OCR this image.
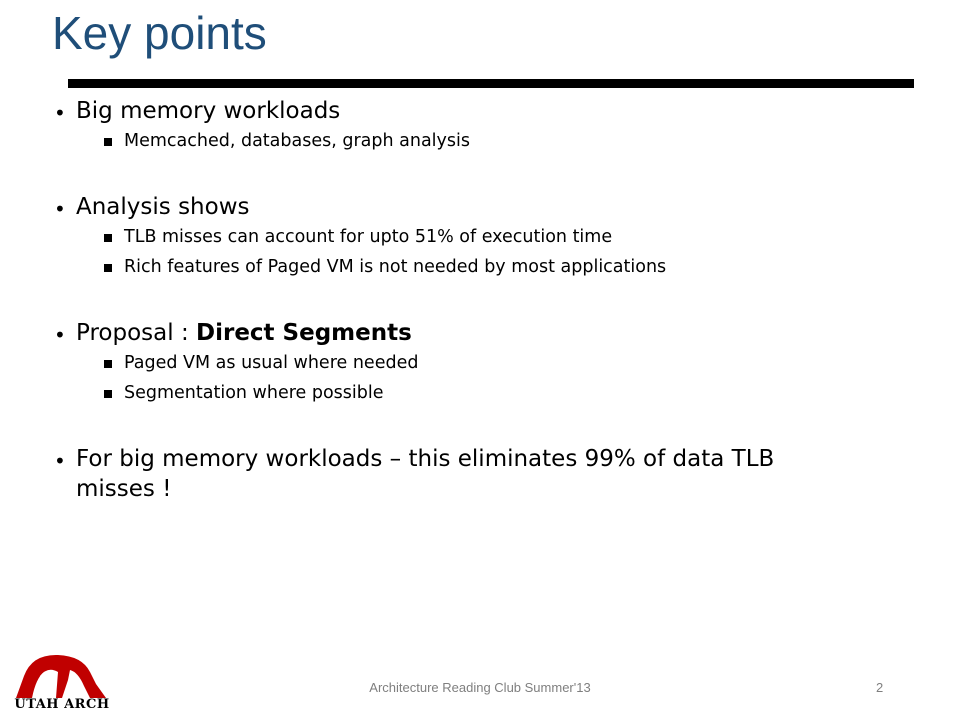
Key points
• Big memory workloads
Memcached, databases, graph analysis
• Analysis shows
TLB misses can account for upto 51% of execution time
Rich features of Paged VM is not needed by most applications
• Proposal : Direct Segments
Paged VM as usual where needed
Segmentation where possible
• For big memory workloads – this eliminates 99% of data TLB
misses !
UTAH ARCH
Architecture Reading Club Summer'13	2
